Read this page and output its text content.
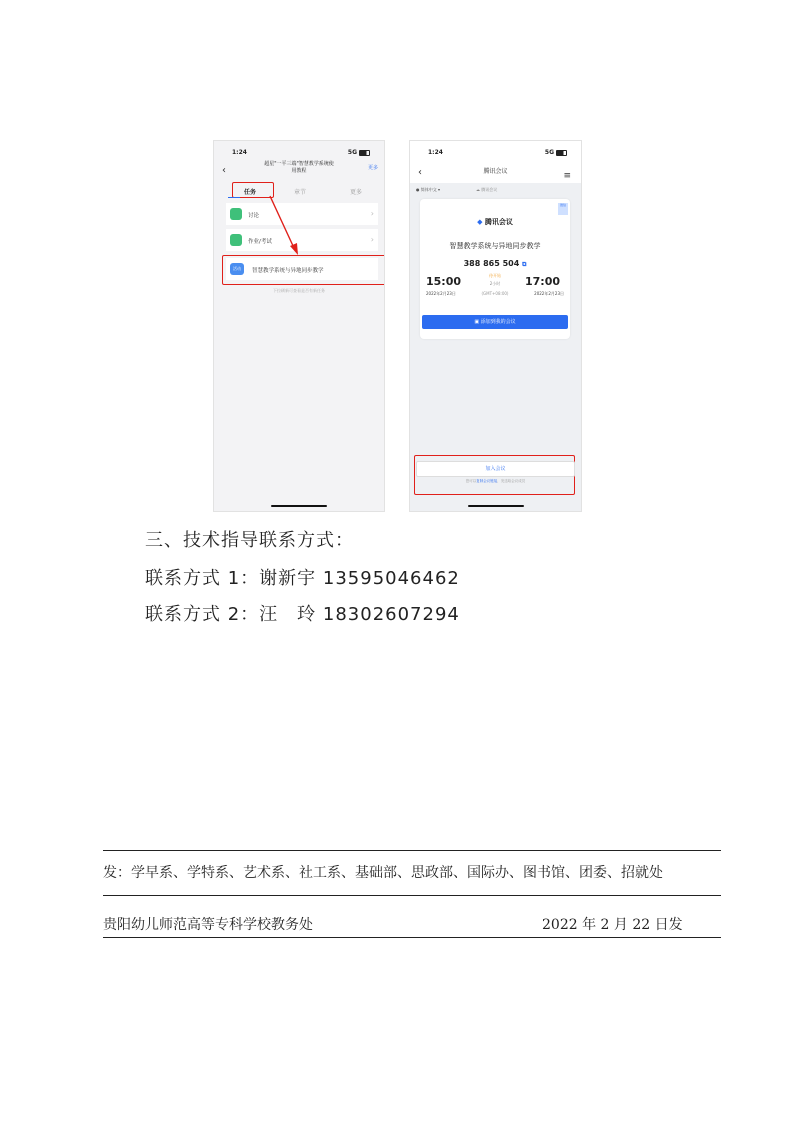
1:24	5G
‹
超星"一平三端"智慧教学系统使
用教程	更多
任务	章节	更多
讨论	›
作业/考试	›
活动	智慧教学系统与异地同步教学
下拉刷新可查看是否有新任务
1:24	5G
‹	腾讯会议	≡
● 简体中文 ▾	☁ 腾讯会议
微信
◆ 腾讯会议
智慧教学系统与异地同步教学
388 865 504 ⧉
15:00	17:00
待开始
2小时
2022年2月23日	(GMT+08:00)	2022年2月23日
▣ 添加到我的会议
加入会议
您可以复制会议链接，发送给会议成员
三、技术指导联系方式：
联系方式 1：谢新宇 13595046462
联系方式 2：汪　玲 18302607294
发：学早系、学特系、艺术系、社工系、基础部、思政部、国际办、图书馆、团委、招就处
贵阳幼儿师范高等专科学校教务处	2022 年 2 月 22 日发
